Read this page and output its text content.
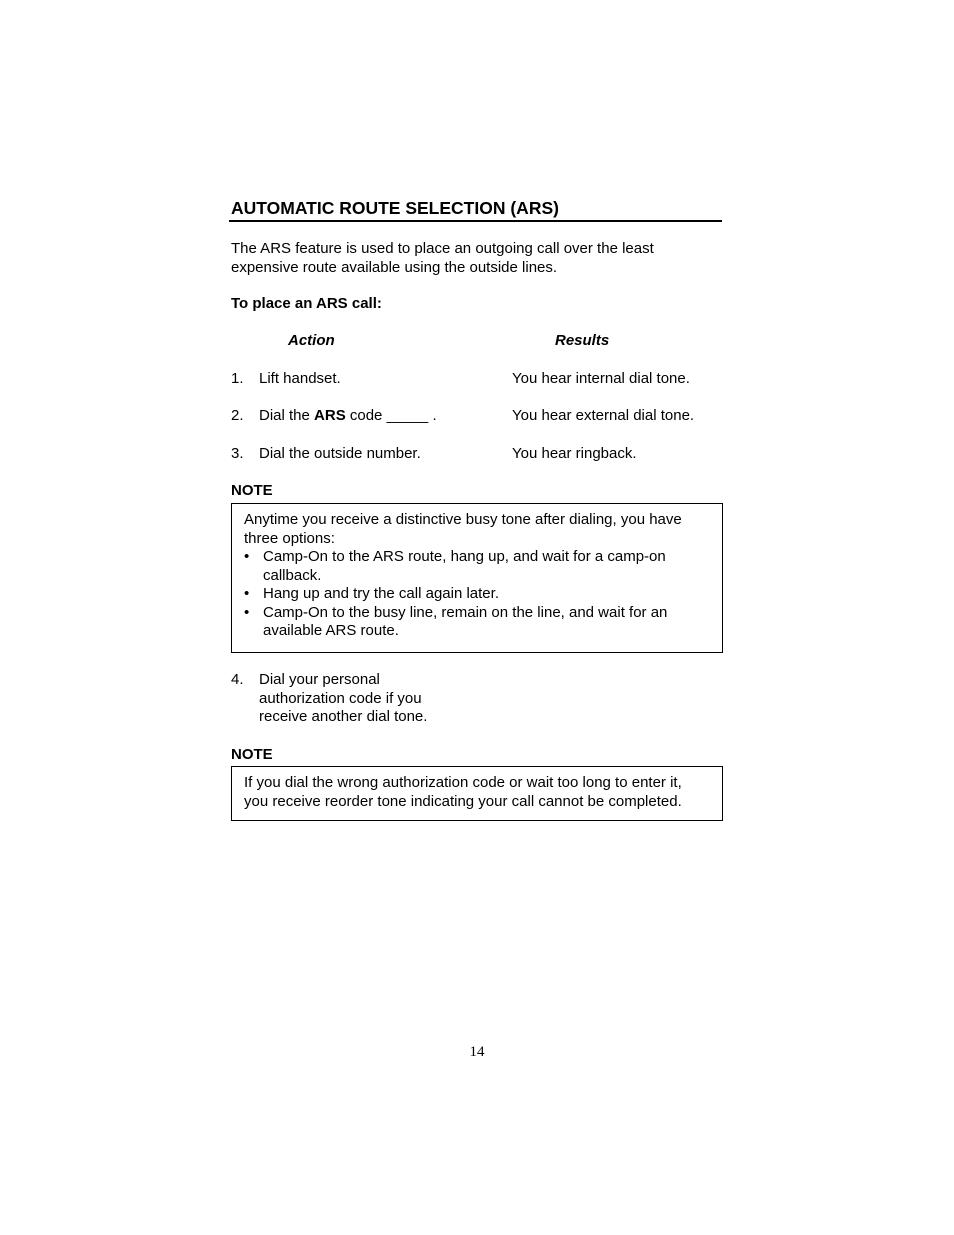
AUTOMATIC ROUTE SELECTION (ARS)
The ARS feature is used to place an outgoing call over the least expensive route available using the outside lines.
To place an ARS call:
Action	Results
1. Lift handset.	You hear internal dial tone.
2. Dial the ARS code _____ .	You hear external dial tone.
3. Dial the outside number.	You hear ringback.
NOTE
Anytime you receive a distinctive busy tone after dialing, you have three options:
• Camp-On to the ARS route, hang up, and wait for a camp-on callback.
• Hang up and try the call again later.
• Camp-On to the busy line, remain on the line, and wait for an available ARS route.
4. Dial your personal
authorization code if you
receive another dial tone.
NOTE
If you dial the wrong authorization code or wait too long to enter it, you receive reorder tone indicating your call cannot be completed.
14
